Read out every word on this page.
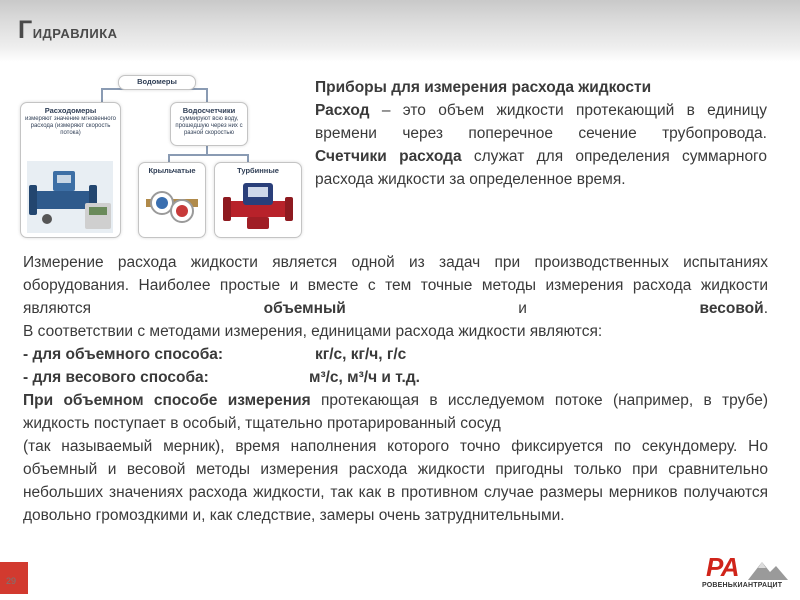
Гидравлика
Водомеры
Расходомеры
измеряют значение мгновенного расхода (измеряют скорость потока)
Водосчетчики
суммируют всю воду, прошедшую через них с разной скоростью
Крыльчатые	Турбинные

Приборы для измерения расхода жидкости

Расход – это объем жидкости протекающий в единицу времени через поперечное сечение трубопровода.

Счетчики расхода служат для определения суммарного расхода жидкости за определенное время.

Измерение расхода жидкости является одной из задач при производственных испытаниях оборудования. Наиболее простые и вместе с тем точные методы измерения расхода жидкости являются объемный и весовой.

В соответствии с методами измерения, единицами расхода жидкости являются:

- для объемного способа:	кг/с, кг/ч, г/с
- для весового способа:	м³/с, м³/ч и т.д.

При объемном способе измерения протекающая в исследуемом потоке (например, в трубе) жидкость поступает в особый, тщательно протарированный сосуд

(так называемый мерник), время наполнения которого точно фиксируется по секундомеру. Но объемный и весовой методы измерения расхода жидкости пригодны только при сравнительно небольших значениях расхода жидкости, так как в противном случае размеры мерников получаются довольно громоздкими и, как следствие, замеры очень затруднительными.

29	РА
РОВЕНЬКИАНТРАЦИТ
